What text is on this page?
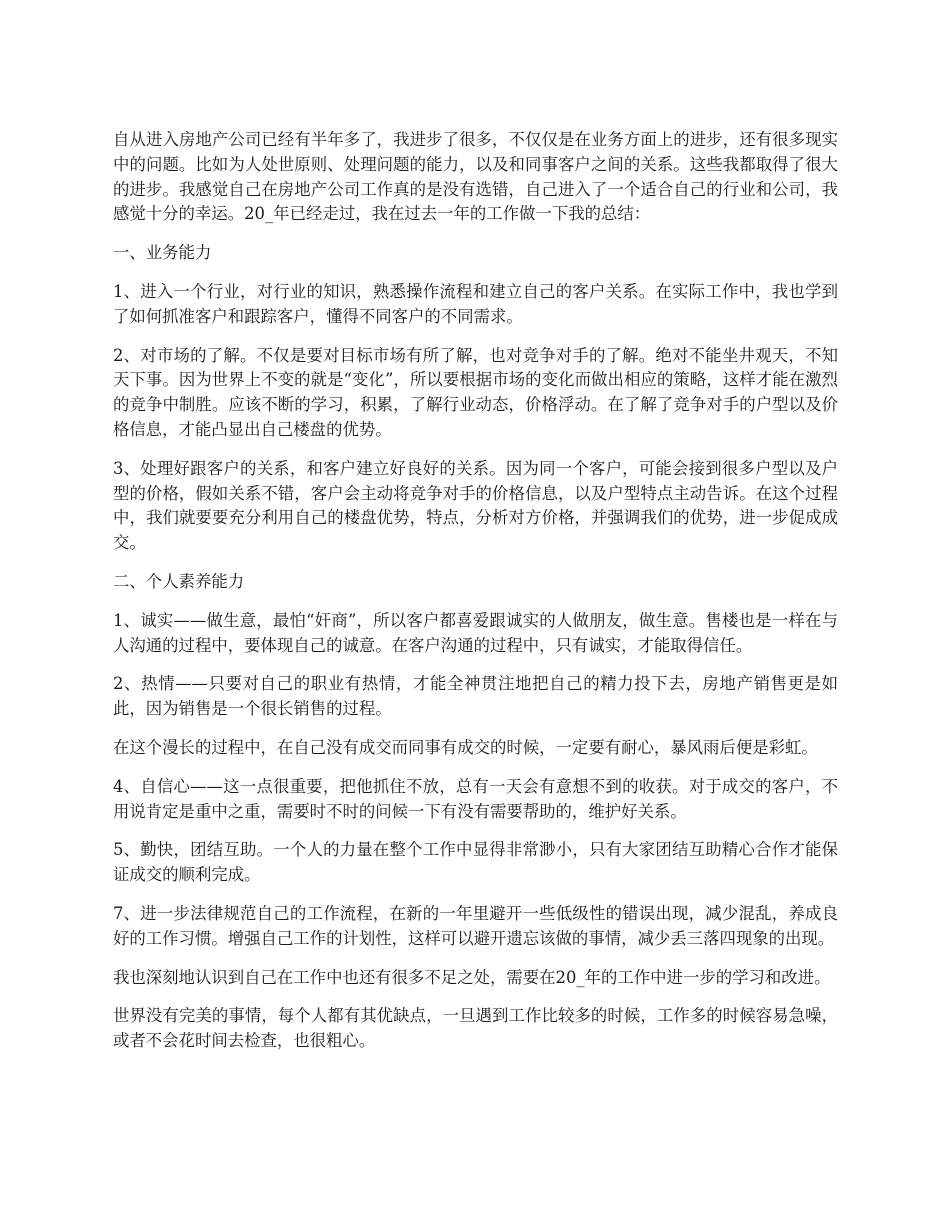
自从进入房地产公司已经有半年多了，我进步了很多，不仅仅是在业务方面上的进步，还有很多现实中的问题。比如为人处世原则、处理问题的能力，以及和同事客户之间的关系。这些我都取得了很大的进步。我感觉自己在房地产公司工作真的是没有选错，自己进入了一个适合自己的行业和公司，我感觉十分的幸运。20_年已经走过，我在过去一年的工作做一下我的总结：

一、业务能力

1、进入一个行业，对行业的知识，熟悉操作流程和建立自己的客户关系。在实际工作中，我也学到了如何抓准客户和跟踪客户，懂得不同客户的不同需求。

2、对市场的了解。不仅是要对目标市场有所了解，也对竞争对手的了解。绝对不能坐井观天，不知天下事。因为世界上不变的就是“变化”，所以要根据市场的变化而做出相应的策略，这样才能在激烈的竞争中制胜。应该不断的学习，积累，了解行业动态，价格浮动。在了解了竞争对手的户型以及价格信息，才能凸显出自己楼盘的优势。

3、处理好跟客户的关系，和客户建立好良好的关系。因为同一个客户，可能会接到很多户型以及户型的价格，假如关系不错，客户会主动将竞争对手的价格信息，以及户型特点主动告诉。在这个过程中，我们就要要充分利用自己的楼盘优势，特点，分析对方价格，并强调我们的优势，进一步促成成交。

二、个人素养能力

1、诚实——做生意，最怕“奸商”，所以客户都喜爱跟诚实的人做朋友，做生意。售楼也是一样在与人沟通的过程中，要体现自己的诚意。在客户沟通的过程中，只有诚实，才能取得信任。

2、热情——只要对自己的职业有热情，才能全神贯注地把自己的精力投下去，房地产销售更是如此，因为销售是一个很长销售的过程。

在这个漫长的过程中，在自己没有成交而同事有成交的时候，一定要有耐心，暴风雨后便是彩虹。

4、自信心——这一点很重要，把他抓住不放，总有一天会有意想不到的收获。对于成交的客户，不用说肯定是重中之重，需要时不时的问候一下有没有需要帮助的，维护好关系。

5、勤快，团结互助。一个人的力量在整个工作中显得非常渺小，只有大家团结互助精心合作才能保证成交的顺利完成。

7、进一步法律规范自己的工作流程，在新的一年里避开一些低级性的错误出现，减少混乱，养成良好的工作习惯。增强自己工作的计划性，这样可以避开遗忘该做的事情，减少丢三落四现象的出现。

我也深刻地认识到自己在工作中也还有很多不足之处，需要在20_年的工作中进一步的学习和改进。

世界没有完美的事情，每个人都有其优缺点，一旦遇到工作比较多的时候，工作多的时候容易急噪，或者不会花时间去检查，也很粗心。
